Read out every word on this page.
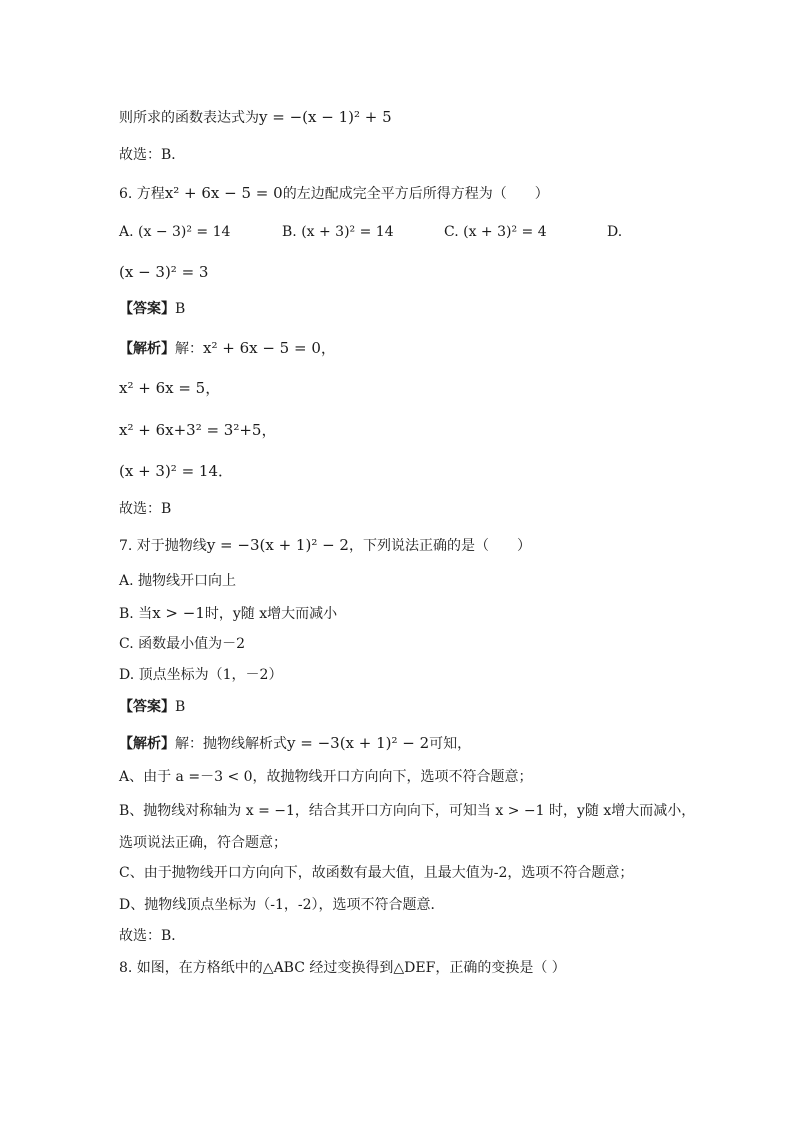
则所求的函数表达式为y = −(x − 1)² + 5
故选：B．
6. 方程x² + 6x − 5 = 0的左边配成完全平方后所得方程为（　　）
A. (x − 3)² = 14	B. (x + 3)² = 14	C. (x + 3)² = 4	D.
(x − 3)² = 3
【答案】B
【解析】解：x² + 6x − 5 = 0，
x² + 6x = 5，
x² + 6x+3² = 3²+5，
(x + 3)² = 14．
故选：B
7. 对于抛物线y = −3(x + 1)² − 2，下列说法正确的是（　　）
A. 抛物线开口向上
B. 当x > −1时，y随 x增大而减小
C. 函数最小值为－2
D. 顶点坐标为（1，－2）
【答案】B
【解析】解：抛物线解析式y = −3(x + 1)² − 2可知，
A、由于 a =－3 < 0，故抛物线开口方向向下，选项不符合题意；
B、抛物线对称轴为 x = −1，结合其开口方向向下，可知当 x > −1 时，y随 x增大而减小，
选项说法正确，符合题意；
C、由于抛物线开口方向向下，故函数有最大值，且最大值为-2，选项不符合题意；
D、抛物线顶点坐标为（-1，-2），选项不符合题意．
故选：B．
8. 如图，在方格纸中的△ABC 经过变换得到△DEF，正确的变换是（ ）
